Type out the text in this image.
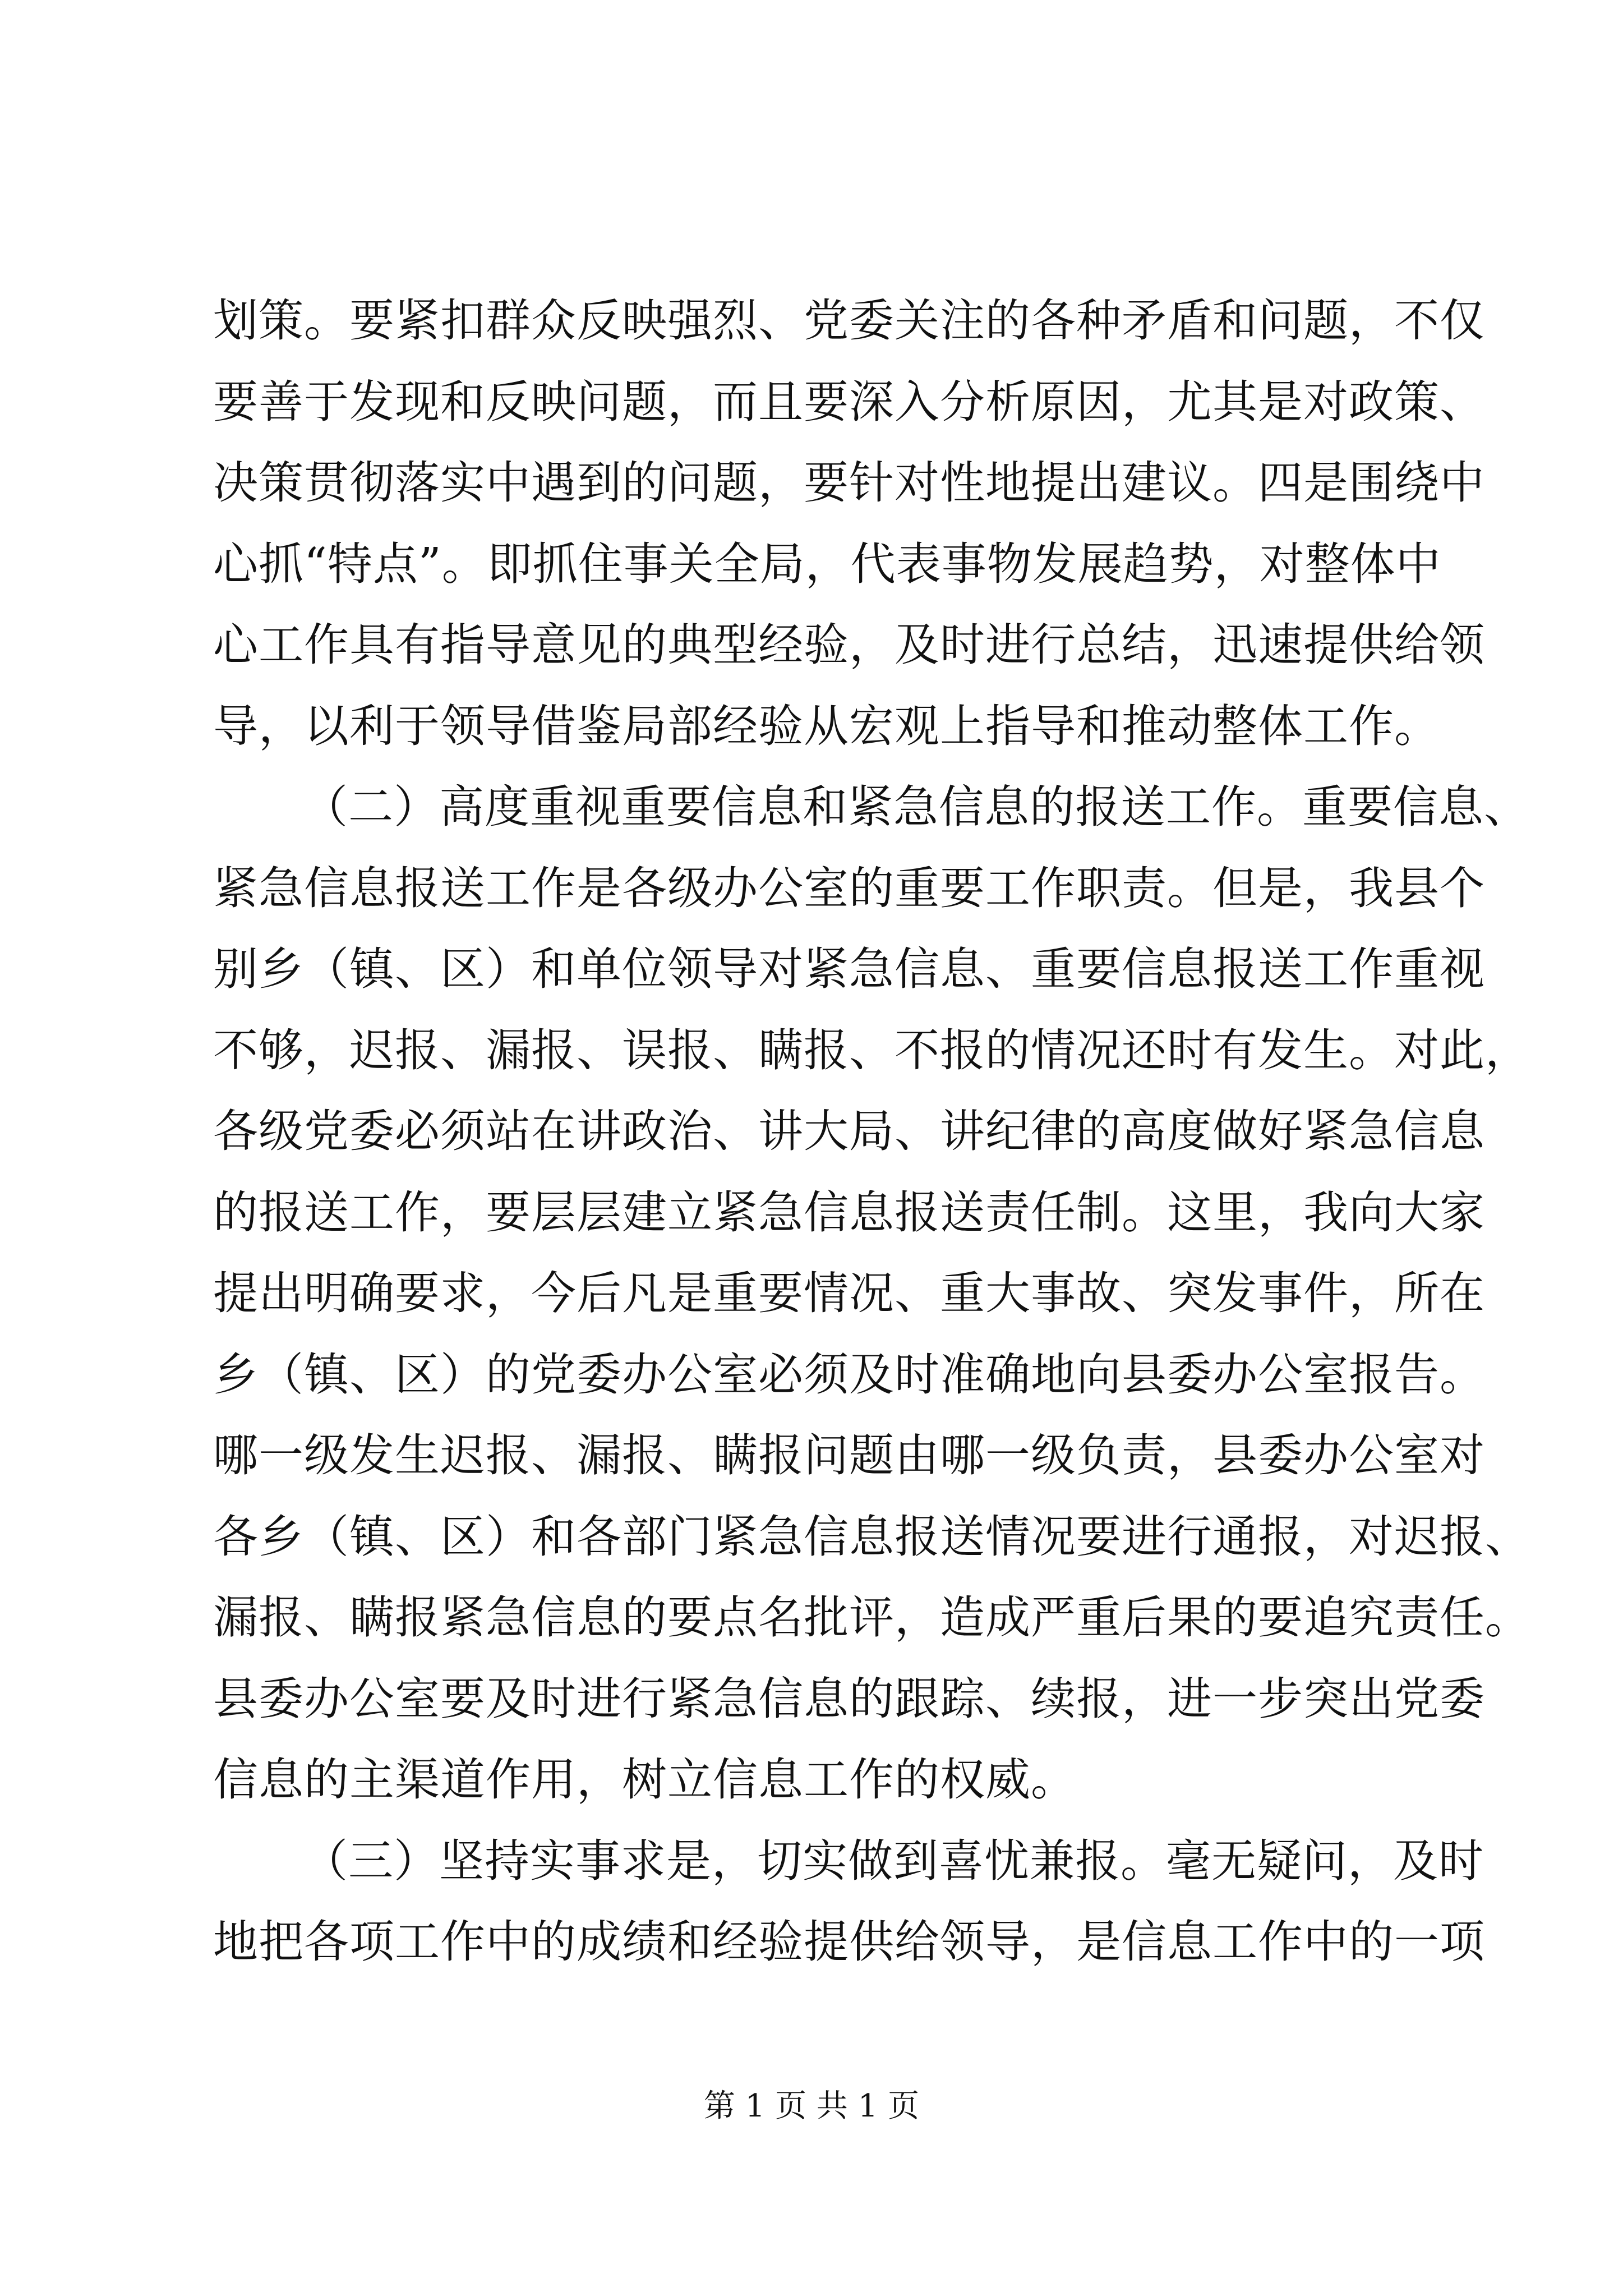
划策。要紧扣群众反映强烈、党委关注的各种矛盾和问题，不仅
要善于发现和反映问题，而且要深入分析原因，尤其是对政策、
决策贯彻落实中遇到的问题，要针对性地提出建议。四是围绕中
心抓“特点”。即抓住事关全局，代表事物发展趋势，对整体中
心工作具有指导意见的典型经验，及时进行总结，迅速提供给领
导，以利于领导借鉴局部经验从宏观上指导和推动整体工作。
（二）高度重视重要信息和紧急信息的报送工作。重要信息、
紧急信息报送工作是各级办公室的重要工作职责。但是，我县个
别乡（镇、区）和单位领导对紧急信息、重要信息报送工作重视
不够，迟报、漏报、误报、瞒报、不报的情况还时有发生。对此，
各级党委必须站在讲政治、讲大局、讲纪律的高度做好紧急信息
的报送工作，要层层建立紧急信息报送责任制。这里，我向大家
提出明确要求，今后凡是重要情况、重大事故、突发事件，所在
乡（镇、区）的党委办公室必须及时准确地向县委办公室报告。
哪一级发生迟报、漏报、瞒报问题由哪一级负责，县委办公室对
各乡（镇、区）和各部门紧急信息报送情况要进行通报，对迟报、
漏报、瞒报紧急信息的要点名批评，造成严重后果的要追究责任。
县委办公室要及时进行紧急信息的跟踪、续报，进一步突出党委
信息的主渠道作用，树立信息工作的权威。
（三）坚持实事求是，切实做到喜忧兼报。毫无疑问，及时
地把各项工作中的成绩和经验提供给领导，是信息工作中的一项
第 1 页 共 1 页
